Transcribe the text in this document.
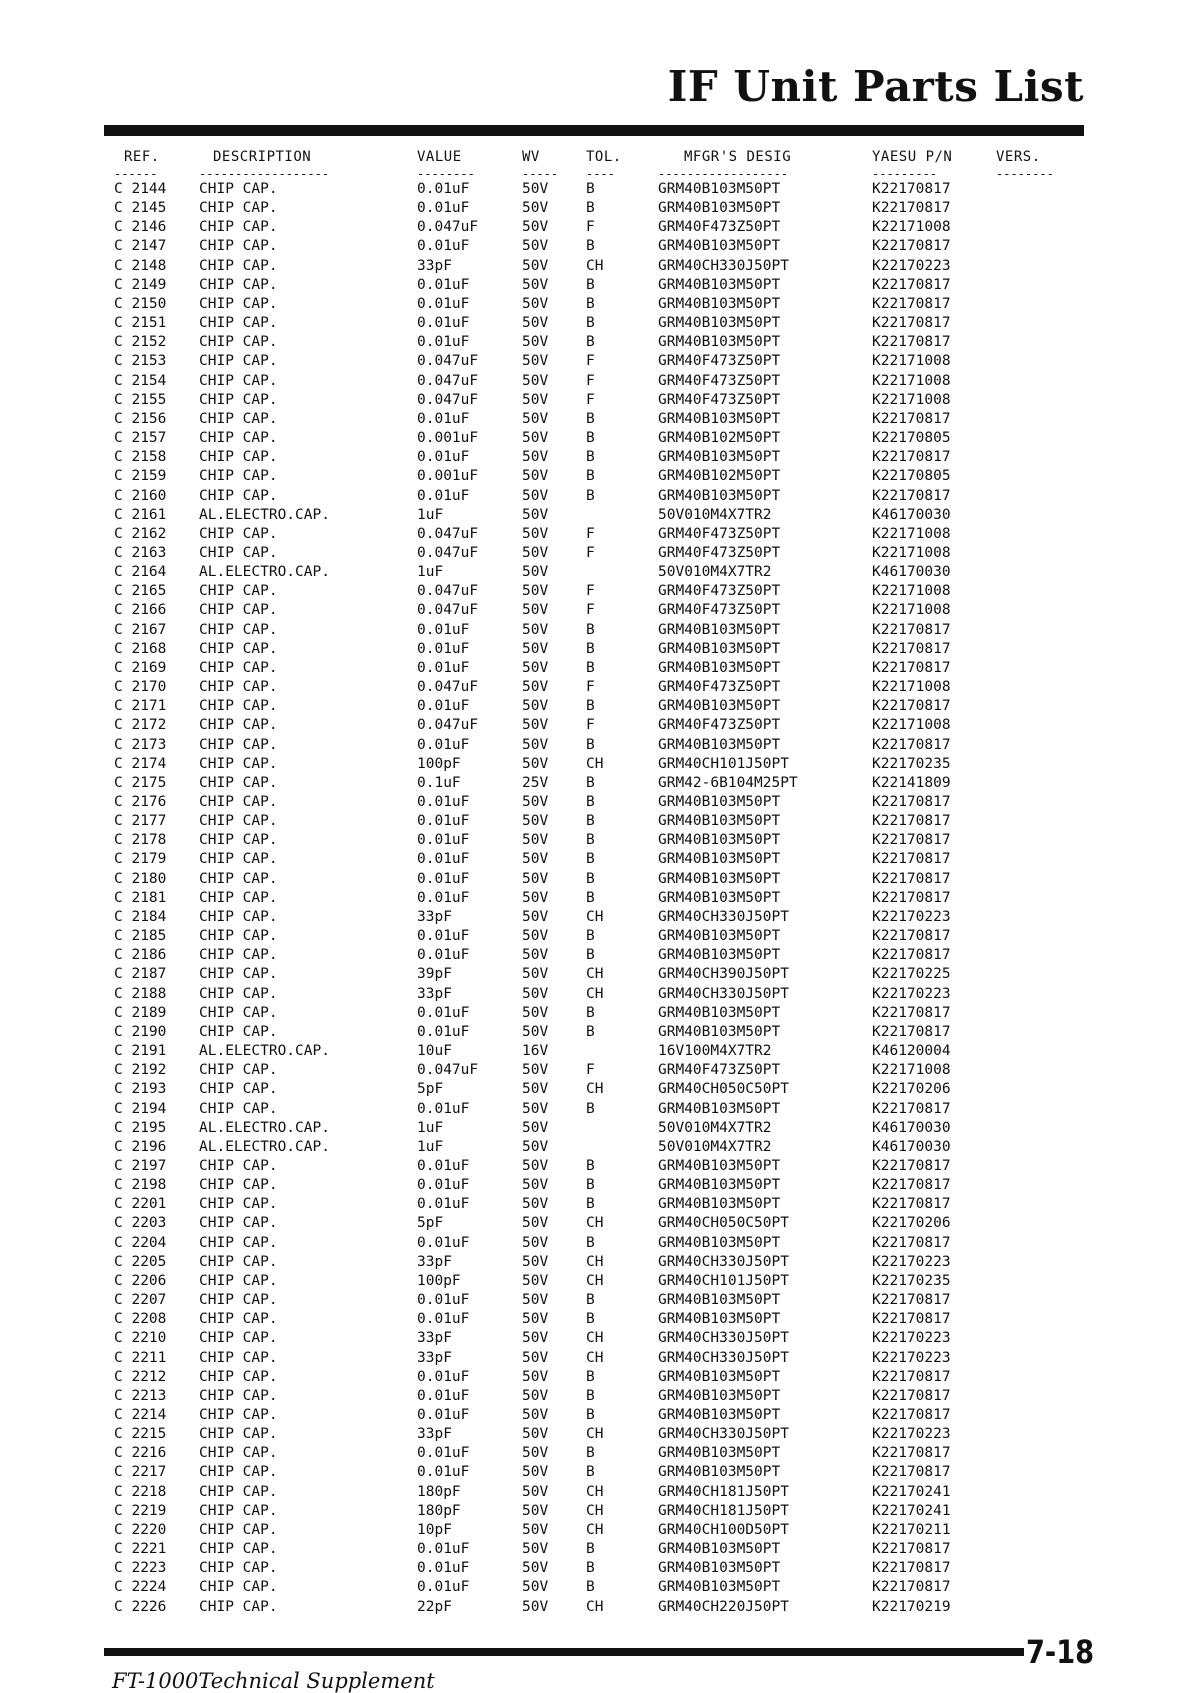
IF Unit Parts List
REF.	DESCRIPTION	VALUE	WV	TOL.	MFGR'S DESIG	YAESU P/N	VERS.
------	------------------	--------	-----	----	------------------	---------	--------
C 2144	CHIP CAP.	0.01uF	50V	B	GRM40B103M50PT	K22170817	
C 2145	CHIP CAP.	0.01uF	50V	B	GRM40B103M50PT	K22170817	
C 2146	CHIP CAP.	0.047uF	50V	F	GRM40F473Z50PT	K22171008	
C 2147	CHIP CAP.	0.01uF	50V	B	GRM40B103M50PT	K22170817	
C 2148	CHIP CAP.	33pF	50V	CH	GRM40CH330J50PT	K22170223	
C 2149	CHIP CAP.	0.01uF	50V	B	GRM40B103M50PT	K22170817	
C 2150	CHIP CAP.	0.01uF	50V	B	GRM40B103M50PT	K22170817	
C 2151	CHIP CAP.	0.01uF	50V	B	GRM40B103M50PT	K22170817	
C 2152	CHIP CAP.	0.01uF	50V	B	GRM40B103M50PT	K22170817	
C 2153	CHIP CAP.	0.047uF	50V	F	GRM40F473Z50PT	K22171008	
C 2154	CHIP CAP.	0.047uF	50V	F	GRM40F473Z50PT	K22171008	
C 2155	CHIP CAP.	0.047uF	50V	F	GRM40F473Z50PT	K22171008	
C 2156	CHIP CAP.	0.01uF	50V	B	GRM40B103M50PT	K22170817	
C 2157	CHIP CAP.	0.001uF	50V	B	GRM40B102M50PT	K22170805	
C 2158	CHIP CAP.	0.01uF	50V	B	GRM40B103M50PT	K22170817	
C 2159	CHIP CAP.	0.001uF	50V	B	GRM40B102M50PT	K22170805	
C 2160	CHIP CAP.	0.01uF	50V	B	GRM40B103M50PT	K22170817	
C 2161	AL.ELECTRO.CAP.	1uF	50V		50V010M4X7TR2	K46170030	
C 2162	CHIP CAP.	0.047uF	50V	F	GRM40F473Z50PT	K22171008	
C 2163	CHIP CAP.	0.047uF	50V	F	GRM40F473Z50PT	K22171008	
C 2164	AL.ELECTRO.CAP.	1uF	50V		50V010M4X7TR2	K46170030	
C 2165	CHIP CAP.	0.047uF	50V	F	GRM40F473Z50PT	K22171008	
C 2166	CHIP CAP.	0.047uF	50V	F	GRM40F473Z50PT	K22171008	
C 2167	CHIP CAP.	0.01uF	50V	B	GRM40B103M50PT	K22170817	
C 2168	CHIP CAP.	0.01uF	50V	B	GRM40B103M50PT	K22170817	
C 2169	CHIP CAP.	0.01uF	50V	B	GRM40B103M50PT	K22170817	
C 2170	CHIP CAP.	0.047uF	50V	F	GRM40F473Z50PT	K22171008	
C 2171	CHIP CAP.	0.01uF	50V	B	GRM40B103M50PT	K22170817	
C 2172	CHIP CAP.	0.047uF	50V	F	GRM40F473Z50PT	K22171008	
C 2173	CHIP CAP.	0.01uF	50V	B	GRM40B103M50PT	K22170817	
C 2174	CHIP CAP.	100pF	50V	CH	GRM40CH101J50PT	K22170235	
C 2175	CHIP CAP.	0.1uF	25V	B	GRM42-6B104M25PT	K22141809	
C 2176	CHIP CAP.	0.01uF	50V	B	GRM40B103M50PT	K22170817	
C 2177	CHIP CAP.	0.01uF	50V	B	GRM40B103M50PT	K22170817	
C 2178	CHIP CAP.	0.01uF	50V	B	GRM40B103M50PT	K22170817	
C 2179	CHIP CAP.	0.01uF	50V	B	GRM40B103M50PT	K22170817	
C 2180	CHIP CAP.	0.01uF	50V	B	GRM40B103M50PT	K22170817	
C 2181	CHIP CAP.	0.01uF	50V	B	GRM40B103M50PT	K22170817	
C 2184	CHIP CAP.	33pF	50V	CH	GRM40CH330J50PT	K22170223	
C 2185	CHIP CAP.	0.01uF	50V	B	GRM40B103M50PT	K22170817	
C 2186	CHIP CAP.	0.01uF	50V	B	GRM40B103M50PT	K22170817	
C 2187	CHIP CAP.	39pF	50V	CH	GRM40CH390J50PT	K22170225	
C 2188	CHIP CAP.	33pF	50V	CH	GRM40CH330J50PT	K22170223	
C 2189	CHIP CAP.	0.01uF	50V	B	GRM40B103M50PT	K22170817	
C 2190	CHIP CAP.	0.01uF	50V	B	GRM40B103M50PT	K22170817	
C 2191	AL.ELECTRO.CAP.	10uF	16V		16V100M4X7TR2	K46120004	
C 2192	CHIP CAP.	0.047uF	50V	F	GRM40F473Z50PT	K22171008	
C 2193	CHIP CAP.	5pF	50V	CH	GRM40CH050C50PT	K22170206	
C 2194	CHIP CAP.	0.01uF	50V	B	GRM40B103M50PT	K22170817	
C 2195	AL.ELECTRO.CAP.	1uF	50V		50V010M4X7TR2	K46170030	
C 2196	AL.ELECTRO.CAP.	1uF	50V		50V010M4X7TR2	K46170030	
C 2197	CHIP CAP.	0.01uF	50V	B	GRM40B103M50PT	K22170817	
C 2198	CHIP CAP.	0.01uF	50V	B	GRM40B103M50PT	K22170817	
C 2201	CHIP CAP.	0.01uF	50V	B	GRM40B103M50PT	K22170817	
C 2203	CHIP CAP.	5pF	50V	CH	GRM40CH050C50PT	K22170206	
C 2204	CHIP CAP.	0.01uF	50V	B	GRM40B103M50PT	K22170817	
C 2205	CHIP CAP.	33pF	50V	CH	GRM40CH330J50PT	K22170223	
C 2206	CHIP CAP.	100pF	50V	CH	GRM40CH101J50PT	K22170235	
C 2207	CHIP CAP.	0.01uF	50V	B	GRM40B103M50PT	K22170817	
C 2208	CHIP CAP.	0.01uF	50V	B	GRM40B103M50PT	K22170817	
C 2210	CHIP CAP.	33pF	50V	CH	GRM40CH330J50PT	K22170223	
C 2211	CHIP CAP.	33pF	50V	CH	GRM40CH330J50PT	K22170223	
C 2212	CHIP CAP.	0.01uF	50V	B	GRM40B103M50PT	K22170817	
C 2213	CHIP CAP.	0.01uF	50V	B	GRM40B103M50PT	K22170817	
C 2214	CHIP CAP.	0.01uF	50V	B	GRM40B103M50PT	K22170817	
C 2215	CHIP CAP.	33pF	50V	CH	GRM40CH330J50PT	K22170223	
C 2216	CHIP CAP.	0.01uF	50V	B	GRM40B103M50PT	K22170817	
C 2217	CHIP CAP.	0.01uF	50V	B	GRM40B103M50PT	K22170817	
C 2218	CHIP CAP.	180pF	50V	CH	GRM40CH181J50PT	K22170241	
C 2219	CHIP CAP.	180pF	50V	CH	GRM40CH181J50PT	K22170241	
C 2220	CHIP CAP.	10pF	50V	CH	GRM40CH100D50PT	K22170211	
C 2221	CHIP CAP.	0.01uF	50V	B	GRM40B103M50PT	K22170817	
C 2223	CHIP CAP.	0.01uF	50V	B	GRM40B103M50PT	K22170817	
C 2224	CHIP CAP.	0.01uF	50V	B	GRM40B103M50PT	K22170817	
C 2226	CHIP CAP.	22pF	50V	CH	GRM40CH220J50PT	K22170219	
7-18
FT-1000Technical Supplement
